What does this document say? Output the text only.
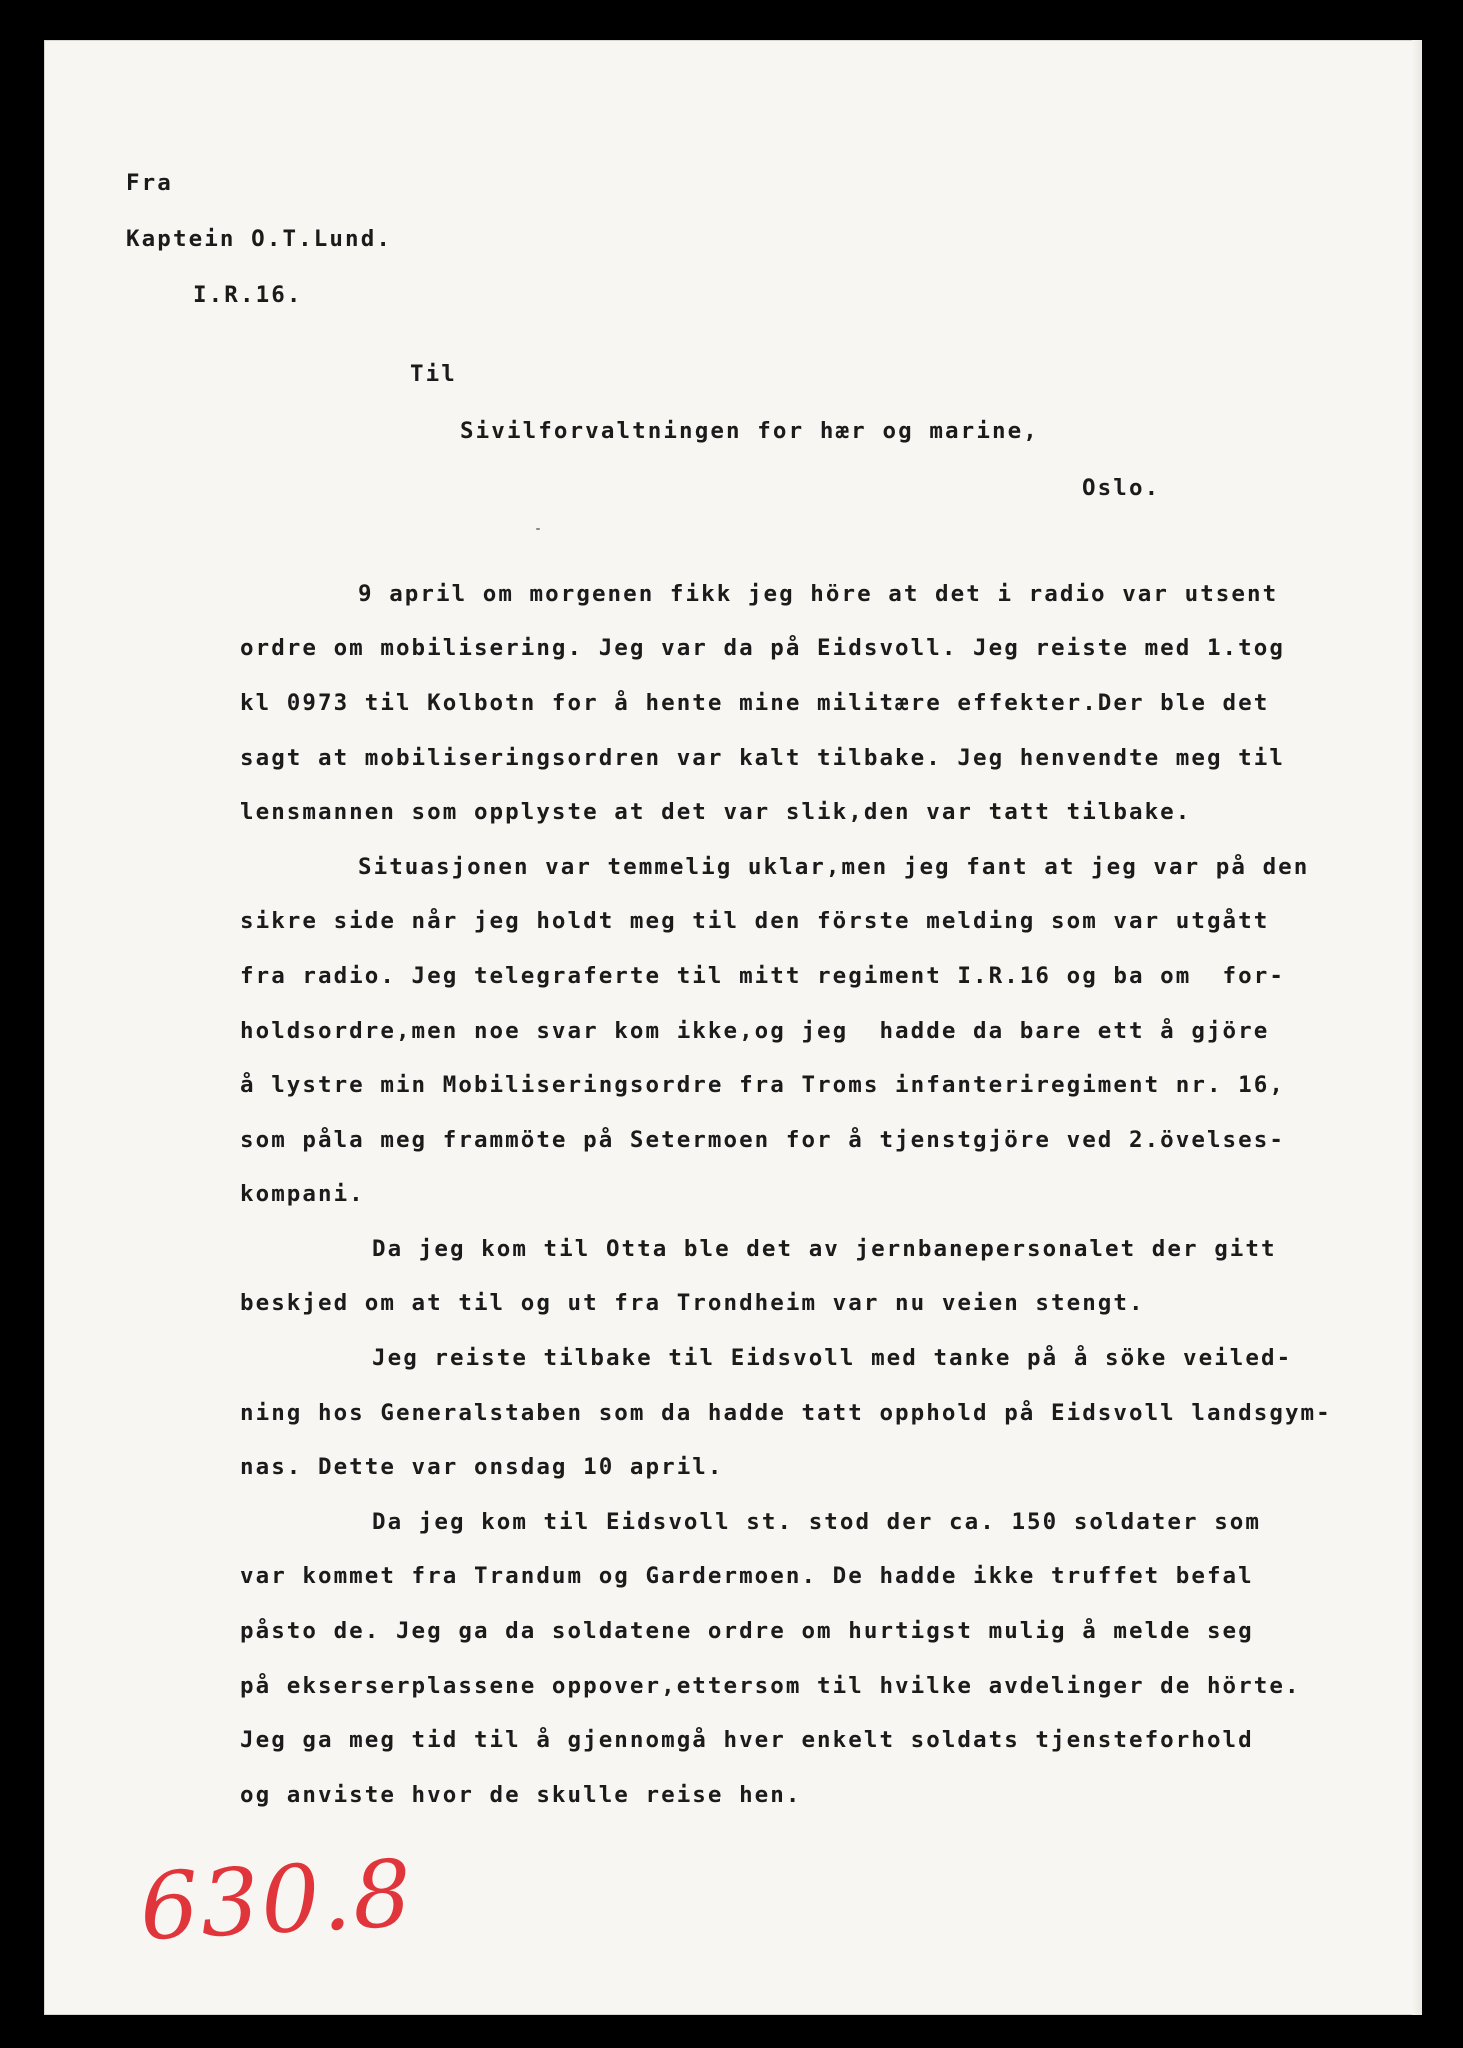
Fra
Kaptein O.T.Lund.
I.R.16.
Til
Sivilforvaltningen for hær og marine,
Oslo.
9 april om morgenen fikk jeg höre at det i radio var utsent
ordre om mobilisering. Jeg var da på Eidsvoll. Jeg reiste med 1.tog
kl 0973 til Kolbotn for å hente mine militære effekter.Der ble det
sagt at mobiliseringsordren var kalt tilbake. Jeg henvendte meg til
lensmannen som opplyste at det var slik,den var tatt tilbake.
Situasjonen var temmelig uklar,men jeg fant at jeg var på den
sikre side når jeg holdt meg til den förste melding som var utgått
fra radio. Jeg telegraferte til mitt regiment I.R.16 og ba om  for-
holdsordre,men noe svar kom ikke,og jeg  hadde da bare ett å gjöre
å lystre min Mobiliseringsordre fra Troms infanteriregiment nr. 16,
som påla meg frammöte på Setermoen for å tjenstgjöre ved 2.övelses-
kompani.
Da jeg kom til Otta ble det av jernbanepersonalet der gitt
beskjed om at til og ut fra Trondheim var nu veien stengt.
Jeg reiste tilbake til Eidsvoll med tanke på å söke veiled-
ning hos Generalstaben som da hadde tatt opphold på Eidsvoll landsgym-
nas. Dette var onsdag 10 april.
Da jeg kom til Eidsvoll st. stod der ca. 150 soldater som
var kommet fra Trandum og Gardermoen. De hadde ikke truffet befal
påsto de. Jeg ga da soldatene ordre om hurtigst mulig å melde seg
på ekserserplassene oppover,ettersom til hvilke avdelinger de hörte.
Jeg ga meg tid til å gjennomgå hver enkelt soldats tjensteforhold
og anviste hvor de skulle reise hen.
630.8
